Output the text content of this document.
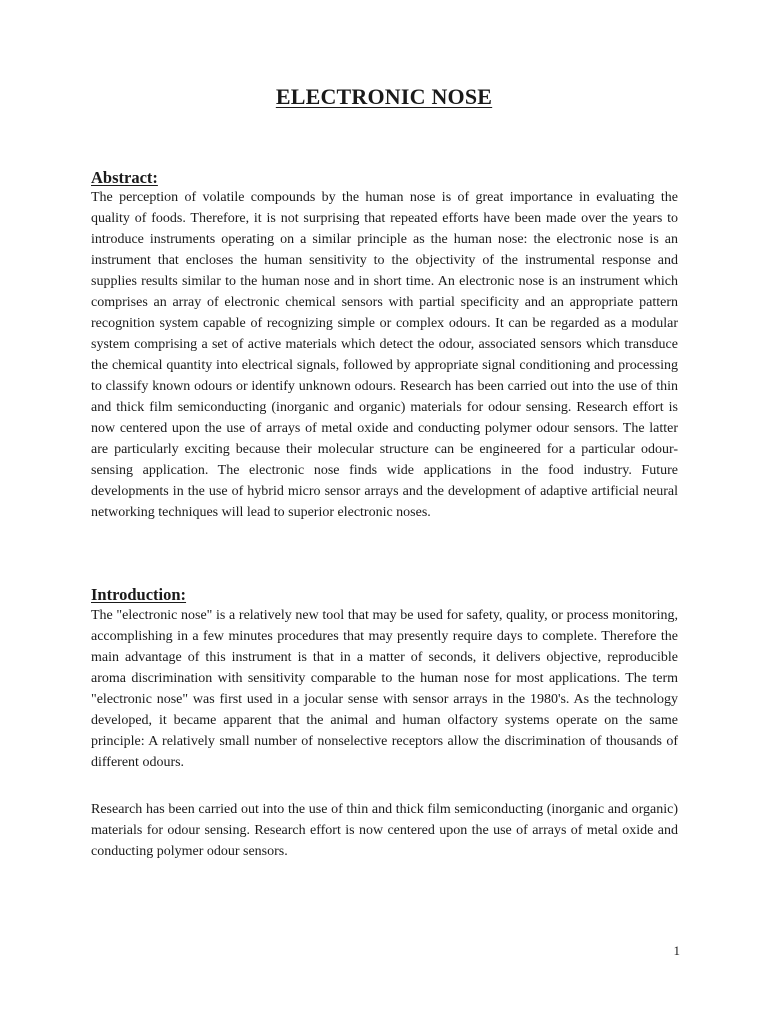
ELECTRONIC NOSE
Abstract:

The perception of volatile compounds by the human nose is of great importance in evaluating the quality of foods. Therefore, it is not surprising that repeated efforts have been made over the years to introduce instruments operating on a similar principle as the human nose: the electronic nose is an instrument that encloses the human sensitivity to the objectivity of the instrumental response and supplies results similar to the human nose and in short time. An electronic nose is an instrument which comprises an array of electronic chemical sensors with partial specificity and an appropriate pattern recognition system capable of recognizing simple or complex odours. It can be regarded as a modular system comprising a set of active materials which detect the odour, associated sensors which transduce the chemical quantity into electrical signals, followed by appropriate signal conditioning and processing to classify known odours or identify unknown odours. Research has been carried out into the use of thin and thick film semiconducting (inorganic and organic) materials for odour sensing. Research effort is now centered upon the use of arrays of metal oxide and conducting polymer odour sensors. The latter are particularly exciting because their molecular structure can be engineered for a particular odour-sensing application. The electronic nose finds wide applications in the food industry. Future developments in the use of hybrid micro sensor arrays and the development of adaptive artificial neural networking techniques will lead to superior electronic noses.

Introduction:

The "electronic nose" is a relatively new tool that may be used for safety, quality, or process monitoring, accomplishing in a few minutes procedures that may presently require days to complete. Therefore the main advantage of this instrument is that in a matter of seconds, it delivers objective, reproducible aroma discrimination with sensitivity comparable to the human nose for most applications. The term "electronic nose" was first used in a jocular sense with sensor arrays in the 1980's. As the technology developed, it became apparent that the animal and human olfactory systems operate on the same principle: A relatively small number of nonselective receptors allow the discrimination of thousands of different odours.

Research has been carried out into the use of thin and thick film semiconducting (inorganic and organic) materials for odour sensing. Research effort is now centered upon the use of arrays of metal oxide and conducting polymer odour sensors.

1
